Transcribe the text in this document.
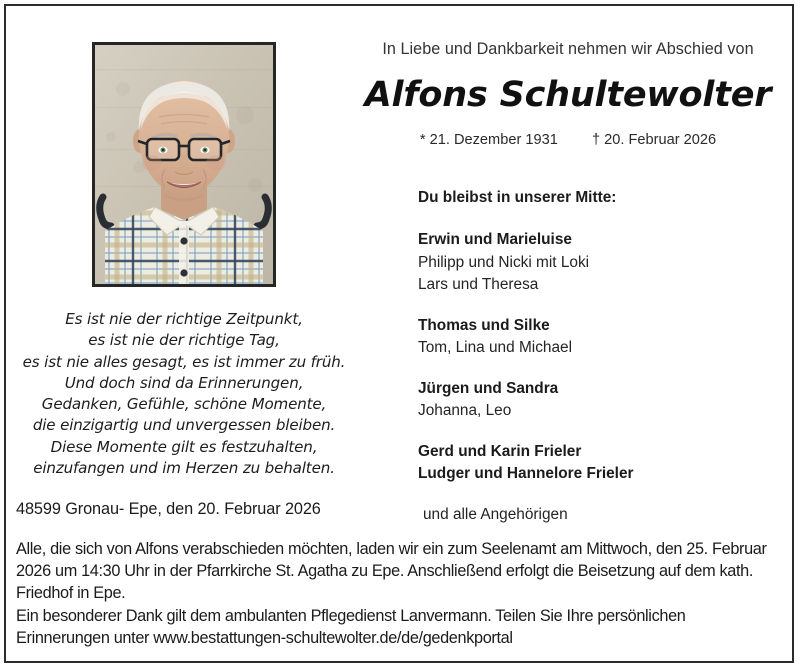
Es ist nie der richtige Zeitpunkt,
es ist nie der richtige Tag,
es ist nie alles gesagt, es ist immer zu früh.
Und doch sind da Erinnerungen,
Gedanken, Gefühle, schöne Momente,
die einzigartig und unvergessen bleiben.
Diese Momente gilt es festzuhalten,
einzufangen und im Herzen zu behalten.
In Liebe und Dankbarkeit nehmen wir Abschied von
Alfons Schultewolter
* 21. Dezember 1931 † 20. Februar 2026
Du bleibst in unserer Mitte:
Erwin und Marieluise
Philipp und Nicki mit Loki
Lars und Theresa
Thomas und Silke
Tom, Lina und Michael
Jürgen und Sandra
Johanna, Leo
Gerd und Karin Frieler
Ludger und Hannelore Frieler
und alle Angehörigen
48599 Gronau- Epe, den 20. Februar 2026

Alle, die sich von Alfons verabschieden möchten, laden wir ein zum Seelenamt am Mittwoch, den 25. Februar 2026 um 14:30 Uhr in der Pfarrkirche St. Agatha zu Epe. Anschließend erfolgt die Beisetzung auf dem kath. Friedhof in Epe.

Ein besonderer Dank gilt dem ambulanten Pflegedienst Lanvermann. Teilen Sie Ihre persönlichen Erinnerungen unter www.bestattungen-schultewolter.de/de/gedenkportal
